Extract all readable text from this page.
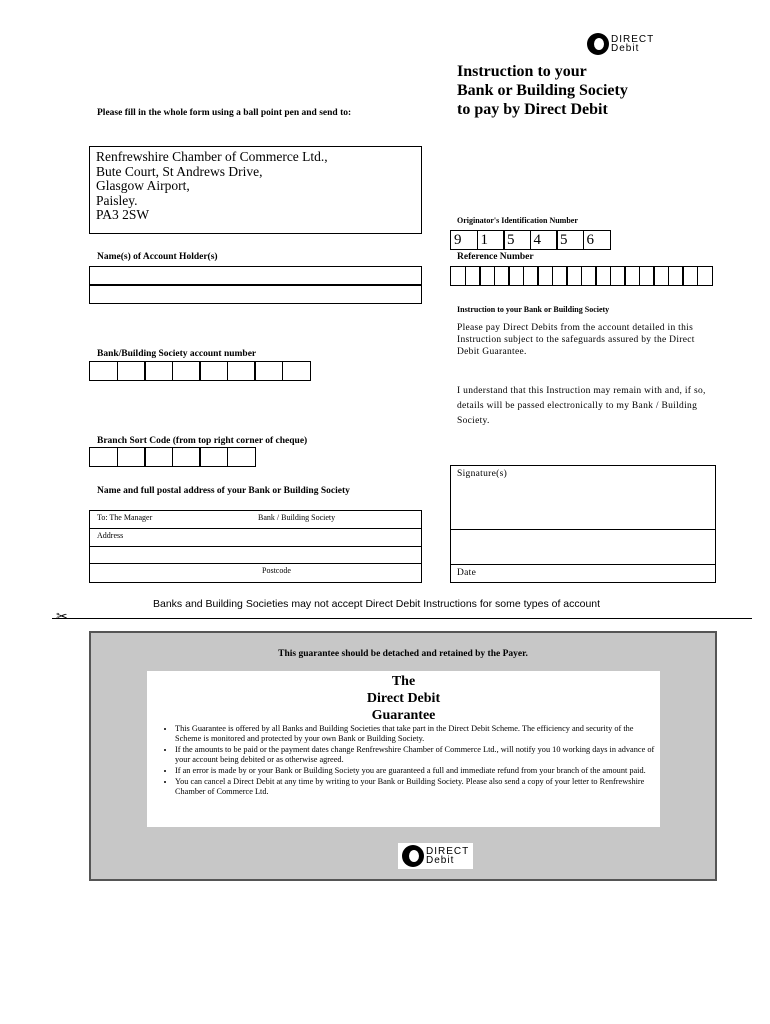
DIRECT
Debit
Instruction to your
Bank or Building Society
to pay by Direct Debit
Please fill in the whole form using a ball point pen and send to:
Renfrewshire Chamber of Commerce Ltd.,
Bute Court, St Andrews Drive,
Glasgow Airport,
Paisley.
PA3 2SW	Originator's Identification Number
9	1	5	4	5	6
Reference Number
Name(s) of Account Holder(s)
Instruction to your Bank or Building Society
Please pay Direct Debits from the account detailed in this Instruction subject to the safeguards assured by the Direct Debit Guarantee.
I understand that this Instruction may remain with and, if so, details will be passed electronically to my Bank / Building Society.
Bank/Building Society account number
Branch Sort Code (from top right corner of cheque)
Name and full postal address of your Bank or Building Society
To: The Manager	Bank / Building Society
Address
Postcode
Signature(s)
Date
Banks and Building Societies may not accept Direct Debit Instructions for some types of account
✂
This guarantee should be detached and retained by the Payer.
The
Direct Debit
Guarantee
• This Guarantee is offered by all Banks and Building Societies that take part in the Direct Debit Scheme. The efficiency and security of the Scheme is monitored and protected by your own Bank or Building Society.
• If the amounts to be paid or the payment dates change Renfrewshire Chamber of Commerce Ltd., will notify you 10 working days in advance of your account being debited or as otherwise agreed.
• If an error is made by or your Bank or Building Society you are guaranteed a full and immediate refund from your branch of the amount paid.
• You can cancel a Direct Debit at any time by writing to your Bank or Building Society. Please also send a copy of your letter to Renfrewshire Chamber of Commerce Ltd.
DIRECT
Debit
